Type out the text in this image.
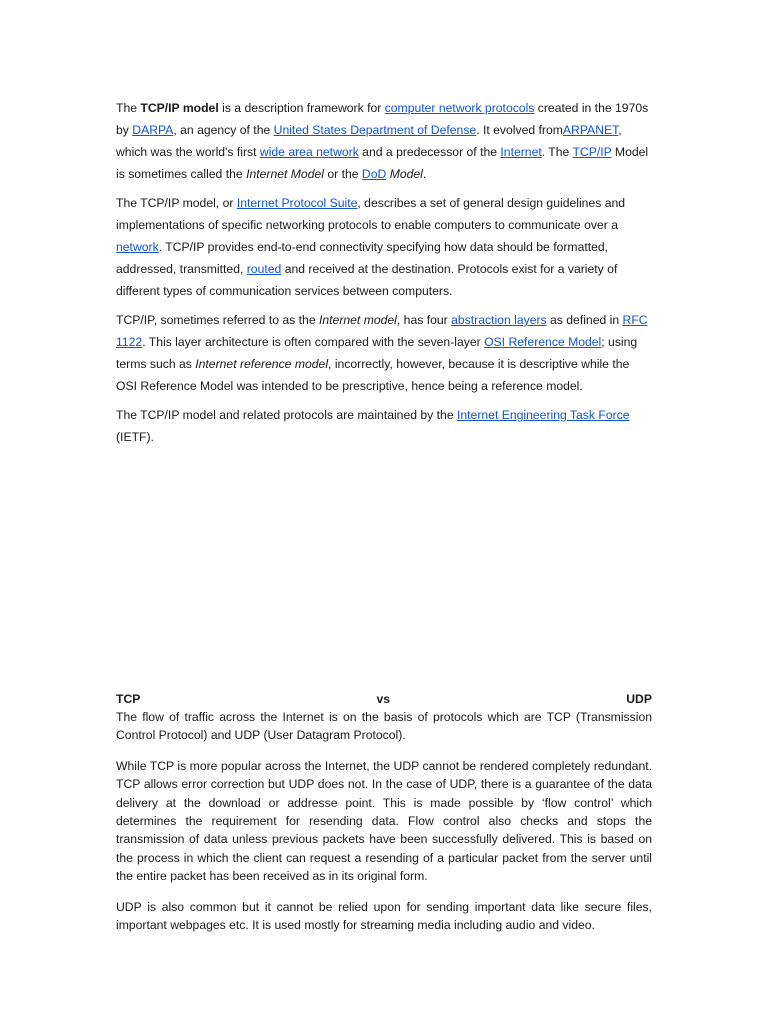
The TCP/IP model is a description framework for computer network protocols created in the 1970s by DARPA, an agency of the United States Department of Defense. It evolved fromARPANET, which was the world's first wide area network and a predecessor of the Internet. The TCP/IP Model is sometimes called the Internet Model or the DoD Model.

The TCP/IP model, or Internet Protocol Suite, describes a set of general design guidelines and implementations of specific networking protocols to enable computers to communicate over a network. TCP/IP provides end-to-end connectivity specifying how data should be formatted, addressed, transmitted, routed and received at the destination. Protocols exist for a variety of different types of communication services between computers.

TCP/IP, sometimes referred to as the Internet model, has four abstraction layers as defined in RFC 1122. This layer architecture is often compared with the seven-layer OSI Reference Model; using terms such as Internet reference model, incorrectly, however, because it is descriptive while the OSI Reference Model was intended to be prescriptive, hence being a reference model.

The TCP/IP model and related protocols are maintained by the Internet Engineering Task Force (IETF).

TCP	vs	UDP

The flow of traffic across the Internet is on the basis of protocols which are TCP (Transmission Control Protocol) and UDP (User Datagram Protocol).

While TCP is more popular across the Internet, the UDP cannot be rendered completely redundant. TCP allows error correction but UDP does not. In the case of UDP, there is a guarantee of the data delivery at the download or addresse point. This is made possible by ‘flow control’ which determines the requirement for resending data. Flow control also checks and stops the transmission of data unless previous packets have been successfully delivered. This is based on the process in which the client can request a resending of a particular packet from the server until the entire packet has been received as in its original form.

UDP is also common but it cannot be relied upon for sending important data like secure files, important webpages etc. It is used mostly for streaming media including audio and video.
